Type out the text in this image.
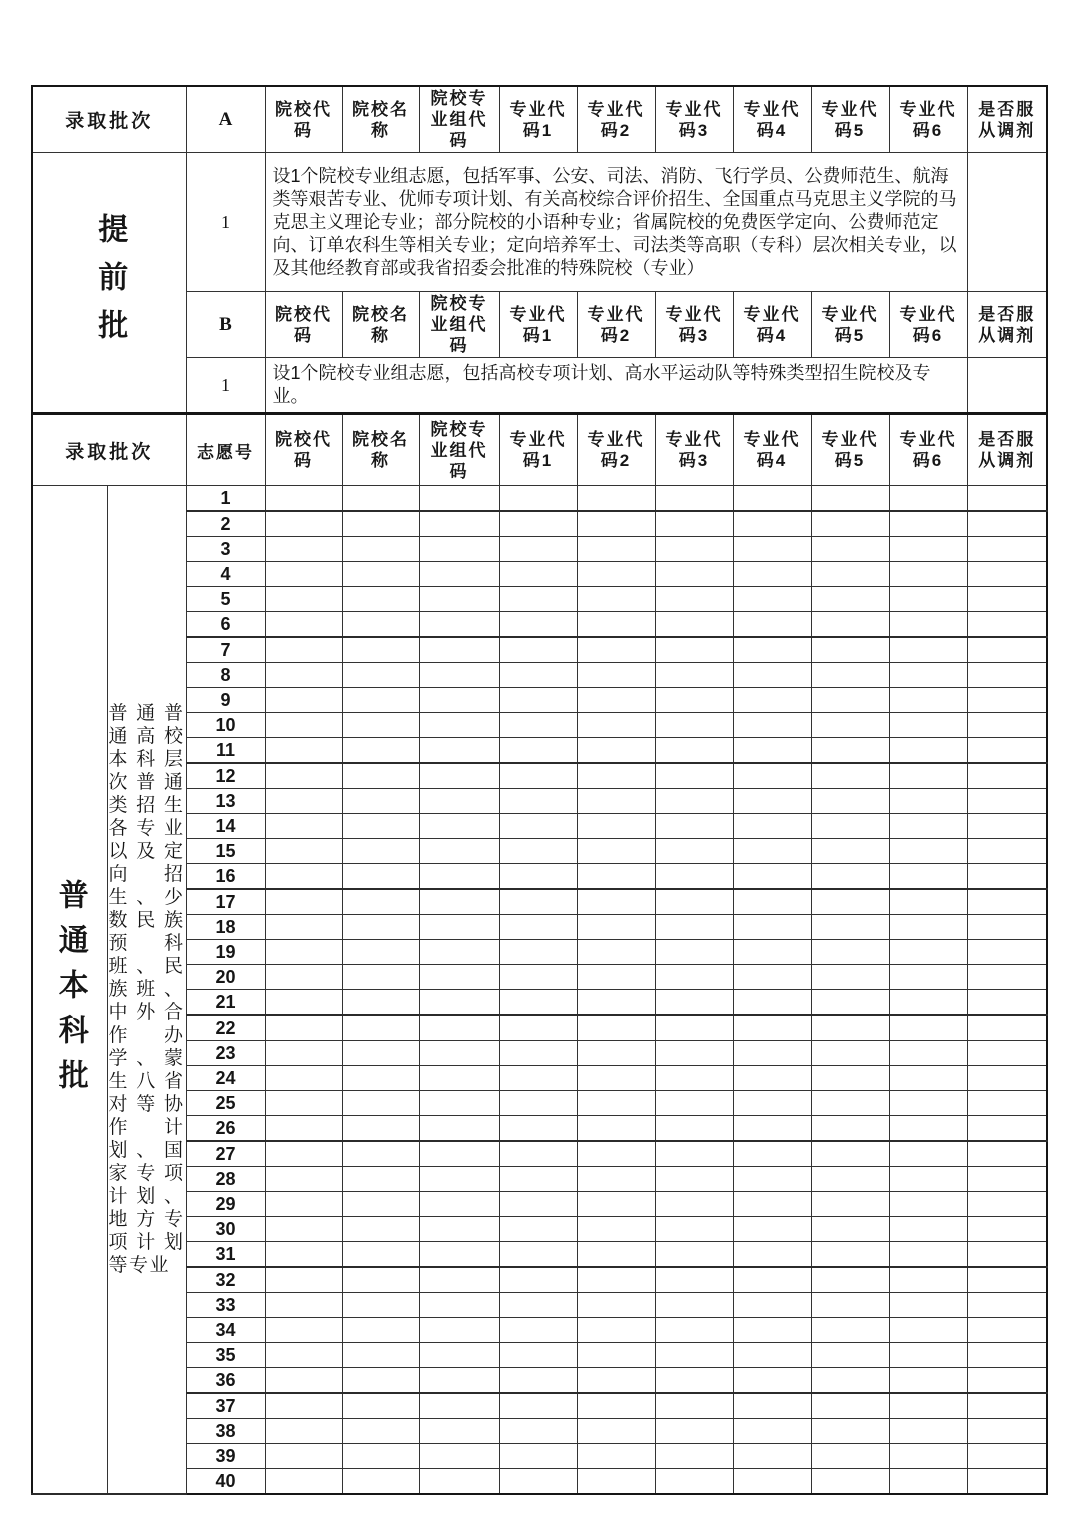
录取批次	A	院校代码	院校名称	院校专业组代码	专业代码1	专业代码2	专业代码3	专业代码4	专业代码5	专业代码6	是否服从调剂
提前批	1	设1个院校专业组志愿，包括军事、公安、司法、消防、飞行学员、公费师范生、航海类等艰苦专业、优师专项计划、有关高校综合评价招生、全国重点马克思主义学院的马克思主义理论专业；部分院校的小语种专业；省属院校的免费医学定向、公费师范定向、订单农科生等相关专业；定向培养军士、司法类等高职（专科）层次相关专业，以及其他经教育部或我省招委会批准的特殊院校（专业）									
	B	院校代码	院校名称	院校专业组代码	专业代码1	专业代码2	专业代码3	专业代码4	专业代码5	专业代码6	是否服从调剂
	1	设1个院校专业组志愿，包括高校专项计划、高水平运动队等特殊类型招生院校及专业。									
录取批次		志愿号	院校代码	院校名称	院校专业组代码	专业代码1	专业代码2	专业代码3	专业代码4	专业代码5	专业代码6	是否服从调剂
普通本科批	普通普通高校本科层次普通类招生各专业以及定向招生、少数民族预科班、民族班、中外合作办学、蒙生八省对等协作计划、国家专项计划、地方专项计划等专业	1										
		2										
		3										
		4										
		5										
		6										
		7										
		8										
		9										
		10										
		11										
		12										
		13										
		14										
		15										
		16										
		17										
		18										
		19										
		20										
		21										
		22										
		23										
		24										
		25										
		26										
		27										
		28										
		29										
		30										
		31										
		32										
		33										
		34										
		35										
		36										
		37										
		38										
		39										
		40										
